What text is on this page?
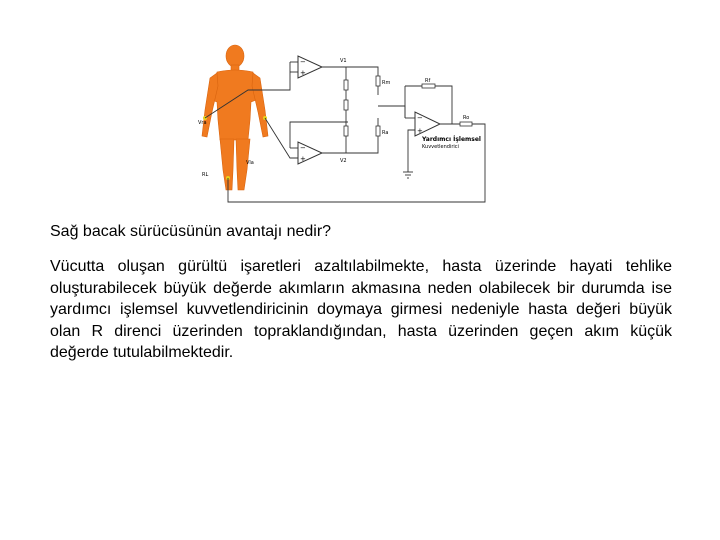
−
+
−
+
−
+
Vra
Vla
RL
V1
V2
Rm
Ra
Rf
Ro
Yardımcı İşlemsel
Kuvvetlendirici
Sağ bacak sürücüsünün avantajı nedir?
Vücutta oluşan gürültü işaretleri azaltılabilmekte, hasta üzerinde hayati tehlike oluşturabilecek büyük değerde akımların akmasına neden olabilecek bir durumda ise yardımcı işlemsel kuvvetlendiricinin doymaya girmesi nedeniyle hasta değeri büyük olan R direnci üzerinden topraklandığından, hasta üzerinden geçen akım küçük değerde tutulabilmektedir.
